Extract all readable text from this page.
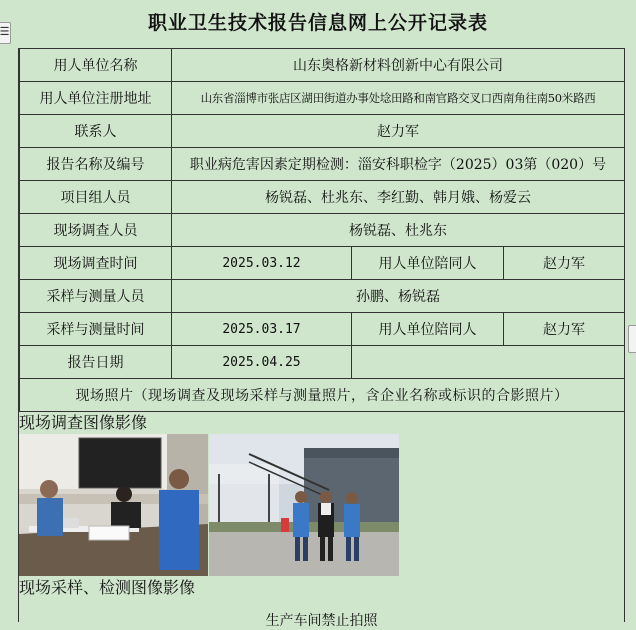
职业卫生技术报告信息网上公开记录表
☰
用人单位名称	山东奥格新材料创新中心有限公司		
用人单位注册地址	山东省淄博市张店区湖田街道办事处埝田路和南官路交叉口西南角往南50米路西		
联系人	赵力军		
报告名称及编号	职业病危害因素定期检测：淄安科职检字（2025）03第（020）号		
项目组人员	杨锐磊、杜兆东、李红勤、韩月娥、杨爱云		
现场调查人员	杨锐磊、杜兆东		
现场调查时间	2025.03.12	用人单位陪同人	赵力军
采样与测量人员	孙鹏、杨锐磊		
采样与测量时间	2025.03.17	用人单位陪同人	赵力军
报告日期	2025.04.25		
现场照片（现场调查及现场采样与测量照片，含企业名称或标识的合影照片）			
现场调查图像影像
现场采样、检测图像影像
生产车间禁止拍照
